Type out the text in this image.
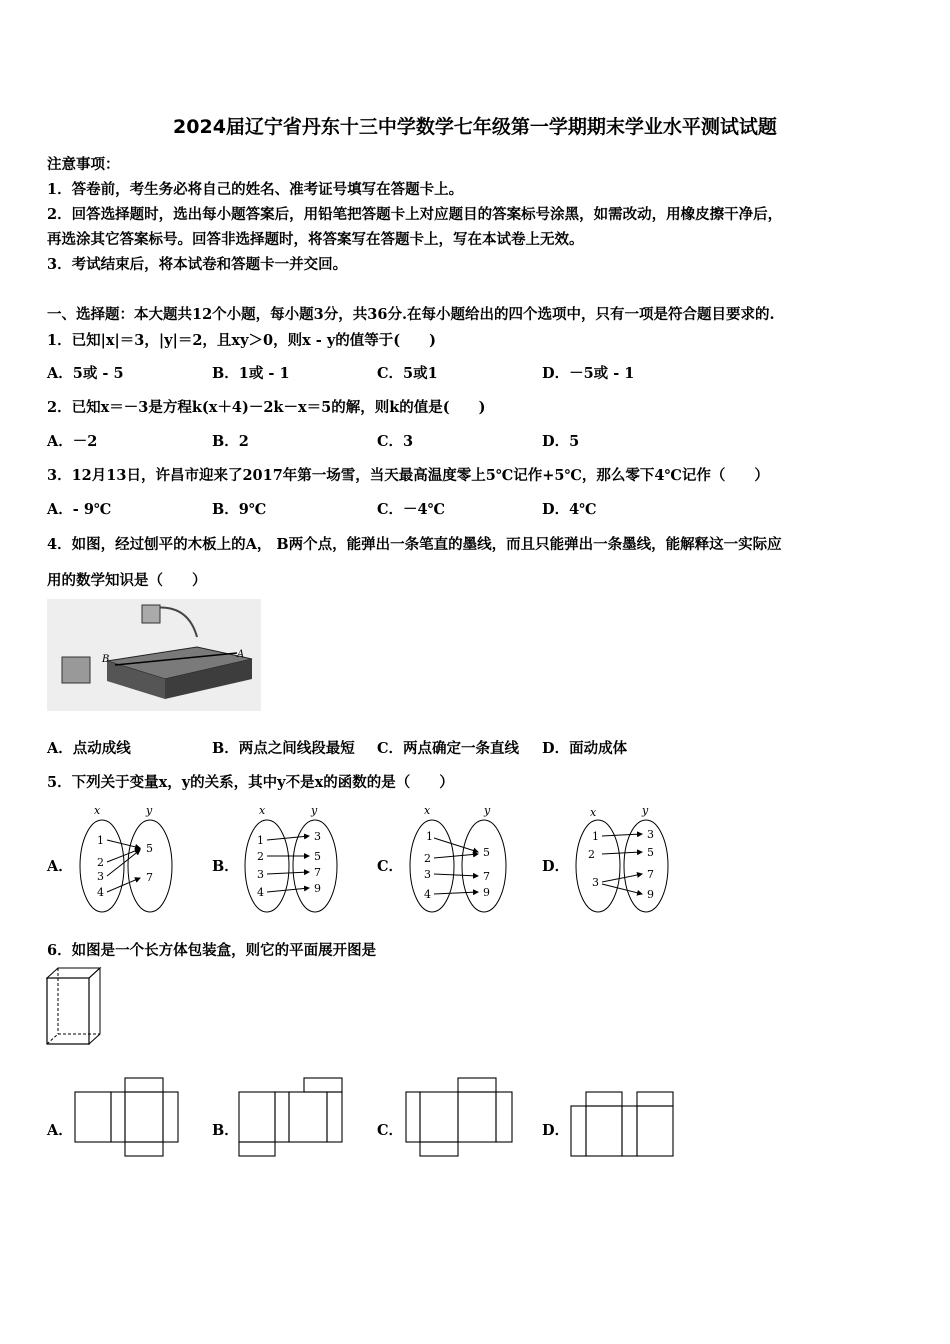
2024届辽宁省丹东十三中学数学七年级第一学期期末学业水平测试试题
注意事项：
1．答卷前，考生务必将自己的姓名、准考证号填写在答题卡上。
2．回答选择题时，选出每小题答案后，用铅笔把答题卡上对应题目的答案标号涂黑，如需改动，用橡皮擦干净后，
再选涂其它答案标号。回答非选择题时，将答案写在答题卡上，写在本试卷上无效。
3．考试结束后，将本试卷和答题卡一并交回。
一、选择题：本大题共12个小题，每小题3分，共36分.在每小题给出的四个选项中，只有一项是符合题目要求的.
1．已知|x|＝3，|y|＝2，且xy＞0，则x - y的值等于(　　)
A．5或 - 5	B．1或 - 1	C．5或1	D．－5或 - 1
2．已知x＝－3是方程k(x＋4)－2k－x＝5的解，则k的值是(　　)
A．－2	B．2	C．3	D．5
3．12月13日，许昌市迎来了2017年第一场雪，当天最高温度零上5℃记作+5℃，那么零下4℃记作（　　）
A．- 9℃	B．9℃	C．－4℃	D．4℃
4．如图，经过刨平的木板上的A， B两个点，能弹出一条笔直的墨线，而且只能弹出一条墨线，能解释这一实际应
用的数学知识是（　　）
B	A
A．点动成线	B．两点之间线段最短 C．两点确定一条直线 D．面动成体
5．下列关于变量x，y的关系，其中y不是x的函数的是（　　）
A．	B．	C．	D．
x	y
1
2
3
4
5
7
x	y
1
2
3
4
3
5
7
9
x	y
1
2
3
4
5
7
9
x	y
1
2
3
3
5
7
9
6．如图是一个长方体包装盒，则它的平面展开图是
A．	B．	C．	D．
